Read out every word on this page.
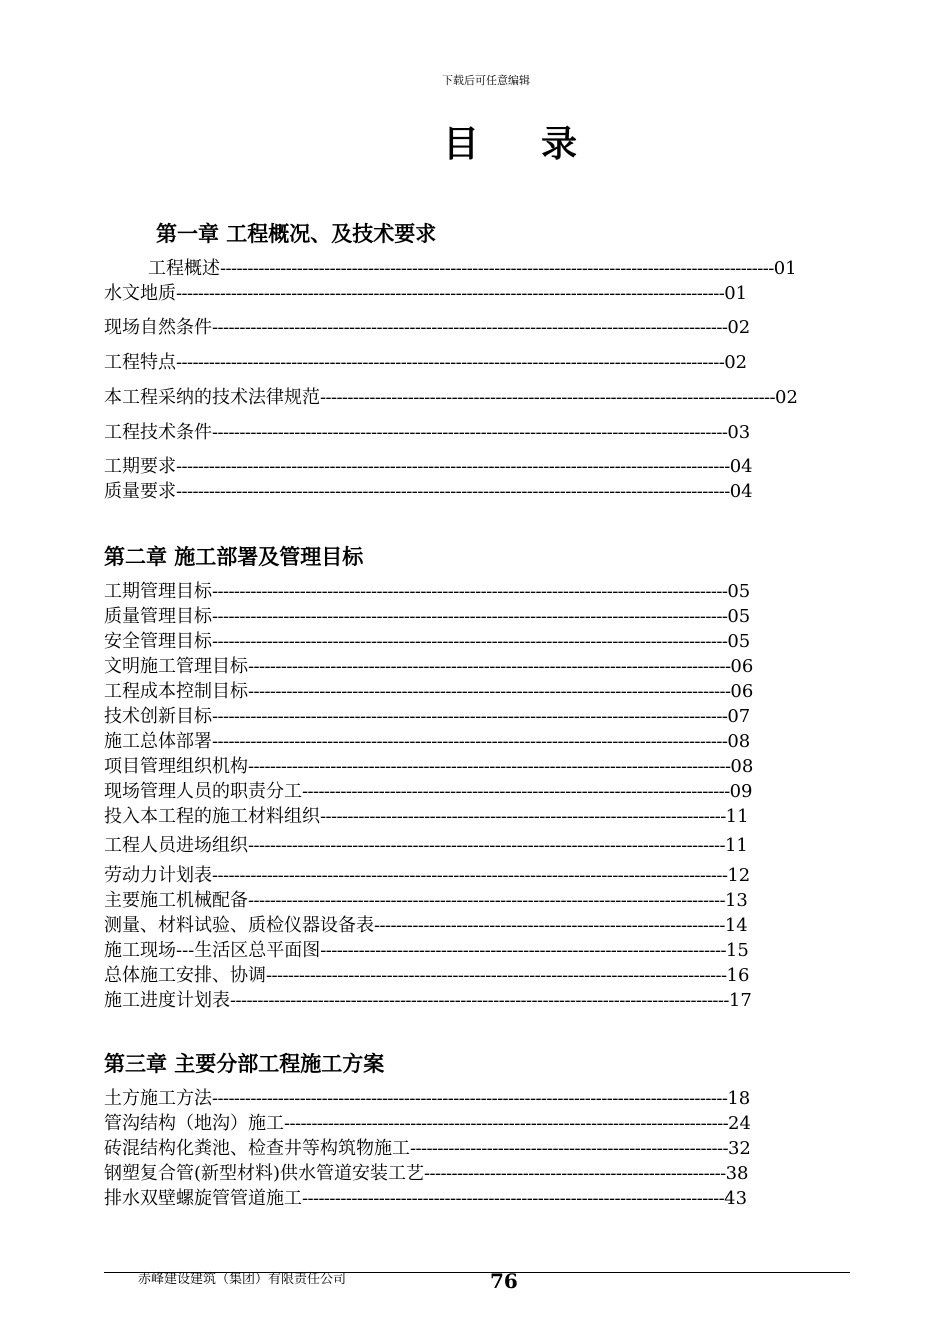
下载后可任意编辑
目录
第一章 工程概况、及技术要求
第二章 施工部署及管理目标
第三章 主要分部工程施工方案
工程概述-----------------------------------------------------------------------------------------------------01
水文地质----------------------------------------------------------------------------------------------------01
现场自然条件----------------------------------------------------------------------------------------------02
工程特点----------------------------------------------------------------------------------------------------02
本工程采纳的技术法律规范-----------------------------------------------------------------------------------02
工程技术条件----------------------------------------------------------------------------------------------03
工期要求-----------------------------------------------------------------------------------------------------04
质量要求-----------------------------------------------------------------------------------------------------04
工期管理目标----------------------------------------------------------------------------------------------05
质量管理目标----------------------------------------------------------------------------------------------05
安全管理目标----------------------------------------------------------------------------------------------05
文明施工管理目标----------------------------------------------------------------------------------------06
工程成本控制目标----------------------------------------------------------------------------------------06
技术创新目标----------------------------------------------------------------------------------------------07
施工总体部署----------------------------------------------------------------------------------------------08
项目管理组织机构----------------------------------------------------------------------------------------08
现场管理人员的职责分工------------------------------------------------------------------------------09
投入本工程的施工材料组织--------------------------------------------------------------------------11
工程人员进场组织---------------------------------------------------------------------------------------11
劳动力计划表----------------------------------------------------------------------------------------------12
主要施工机械配备---------------------------------------------------------------------------------------13
测量、材料试验、质检仪器设备表----------------------------------------------------------------14
施工现场---生活区总平面图--------------------------------------------------------------------------15
总体施工安排、协调------------------------------------------------------------------------------------16
施工进度计划表-------------------------------------------------------------------------------------------17
土方施工方法----------------------------------------------------------------------------------------------18
管沟结构（地沟）施工---------------------------------------------------------------------------------24
砖混结构化粪池、检查井等构筑物施工----------------------------------------------------------32
钢塑复合管(新型材料)供水管道安装工艺-------------------------------------------------------38
排水双壁螺旋管管道施工-----------------------------------------------------------------------------43
赤峰建设建筑（集团）有限责任公司	76
